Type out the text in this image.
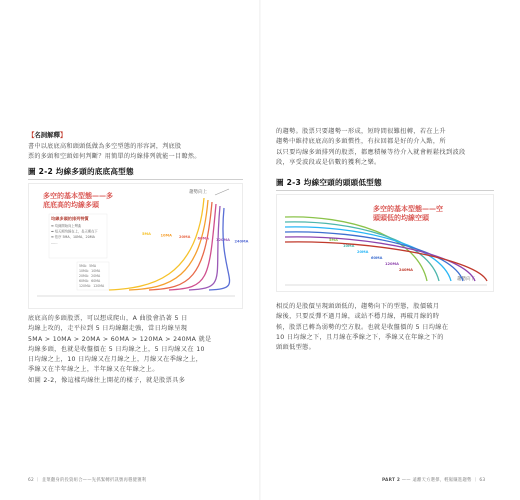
【名詞解釋】
書中以底底高和頭頭低做為多空型態的形容詞，判底股
票的多頭和空頭如何判斷？用簡單的均線排列就能一目瞭然。
圖 2-2 均線多頭的底底高型態
趨勢向上
多空的基本型態——多
底底高的均線多頭
均線多頭的排列特質
➡ 均線開始向上彎曲
➡ 短天期均線在上，長天期在下
➡ 依序 5MA、10MA、20MA
……
5MA：5MA
10MA：10MA
20MA：20MA
60MA：60MA
120MA：120MA
5MA	10MA 20MA 60MA 120MA 240MA
底底高的多頭股票，可以想成爬山，A 曲股會沿著 5 日
均線上攻的，走平拉到 5 日均線翻走強，當日均線呈現
5MA > 10MA > 20MA > 60MA > 120MA > 240MA 就是
均線多頭，也就是收盤價在 5 日均線之上，5 日均線又在 10
日均線之上，10 日均線又在月線之上，月線又在季線之上，
季線又在半年線之上，半年線又在年線之上。
如圖 2-2，像這樣均線往上開花的樣子，就是股票具多
62 ｜ 韭菜翻身的投資組合——先抓緊轉折訊號再穩健獲利
的趨勢。股票只要趨勢一形成，短時間很難扭轉，若在上升
趨勢中維持底底高的多頭慣性，有拉回都是好的介入點，所
以只要均線多頭排列的股票，都應積極等待介入就會輕鬆找到波段
段，享受波段或是倍數的獲利之樂。
圖 2-3 均線空頭的頭頭低型態
趨勢向下
多空的基本型態——空
頭頭低的均線空頭
5MA
10MA
20MA
60MA
120MA
240MA
相反的是股價呈現頭頭低的，趨勢向下的型態，股價破月
線後，只要反彈不過月線，或站不穩月線，再破月線的時
候，股票已轉為弱勢的空方股。也就是收盤價的 5 日均線在
10 日均線之下，且月線在季線之下，季線又在年線之下的
頭頭低型態。
PART 2 —— 遠離天方選擇，輕鬆賺進趨勢 ｜ 63
